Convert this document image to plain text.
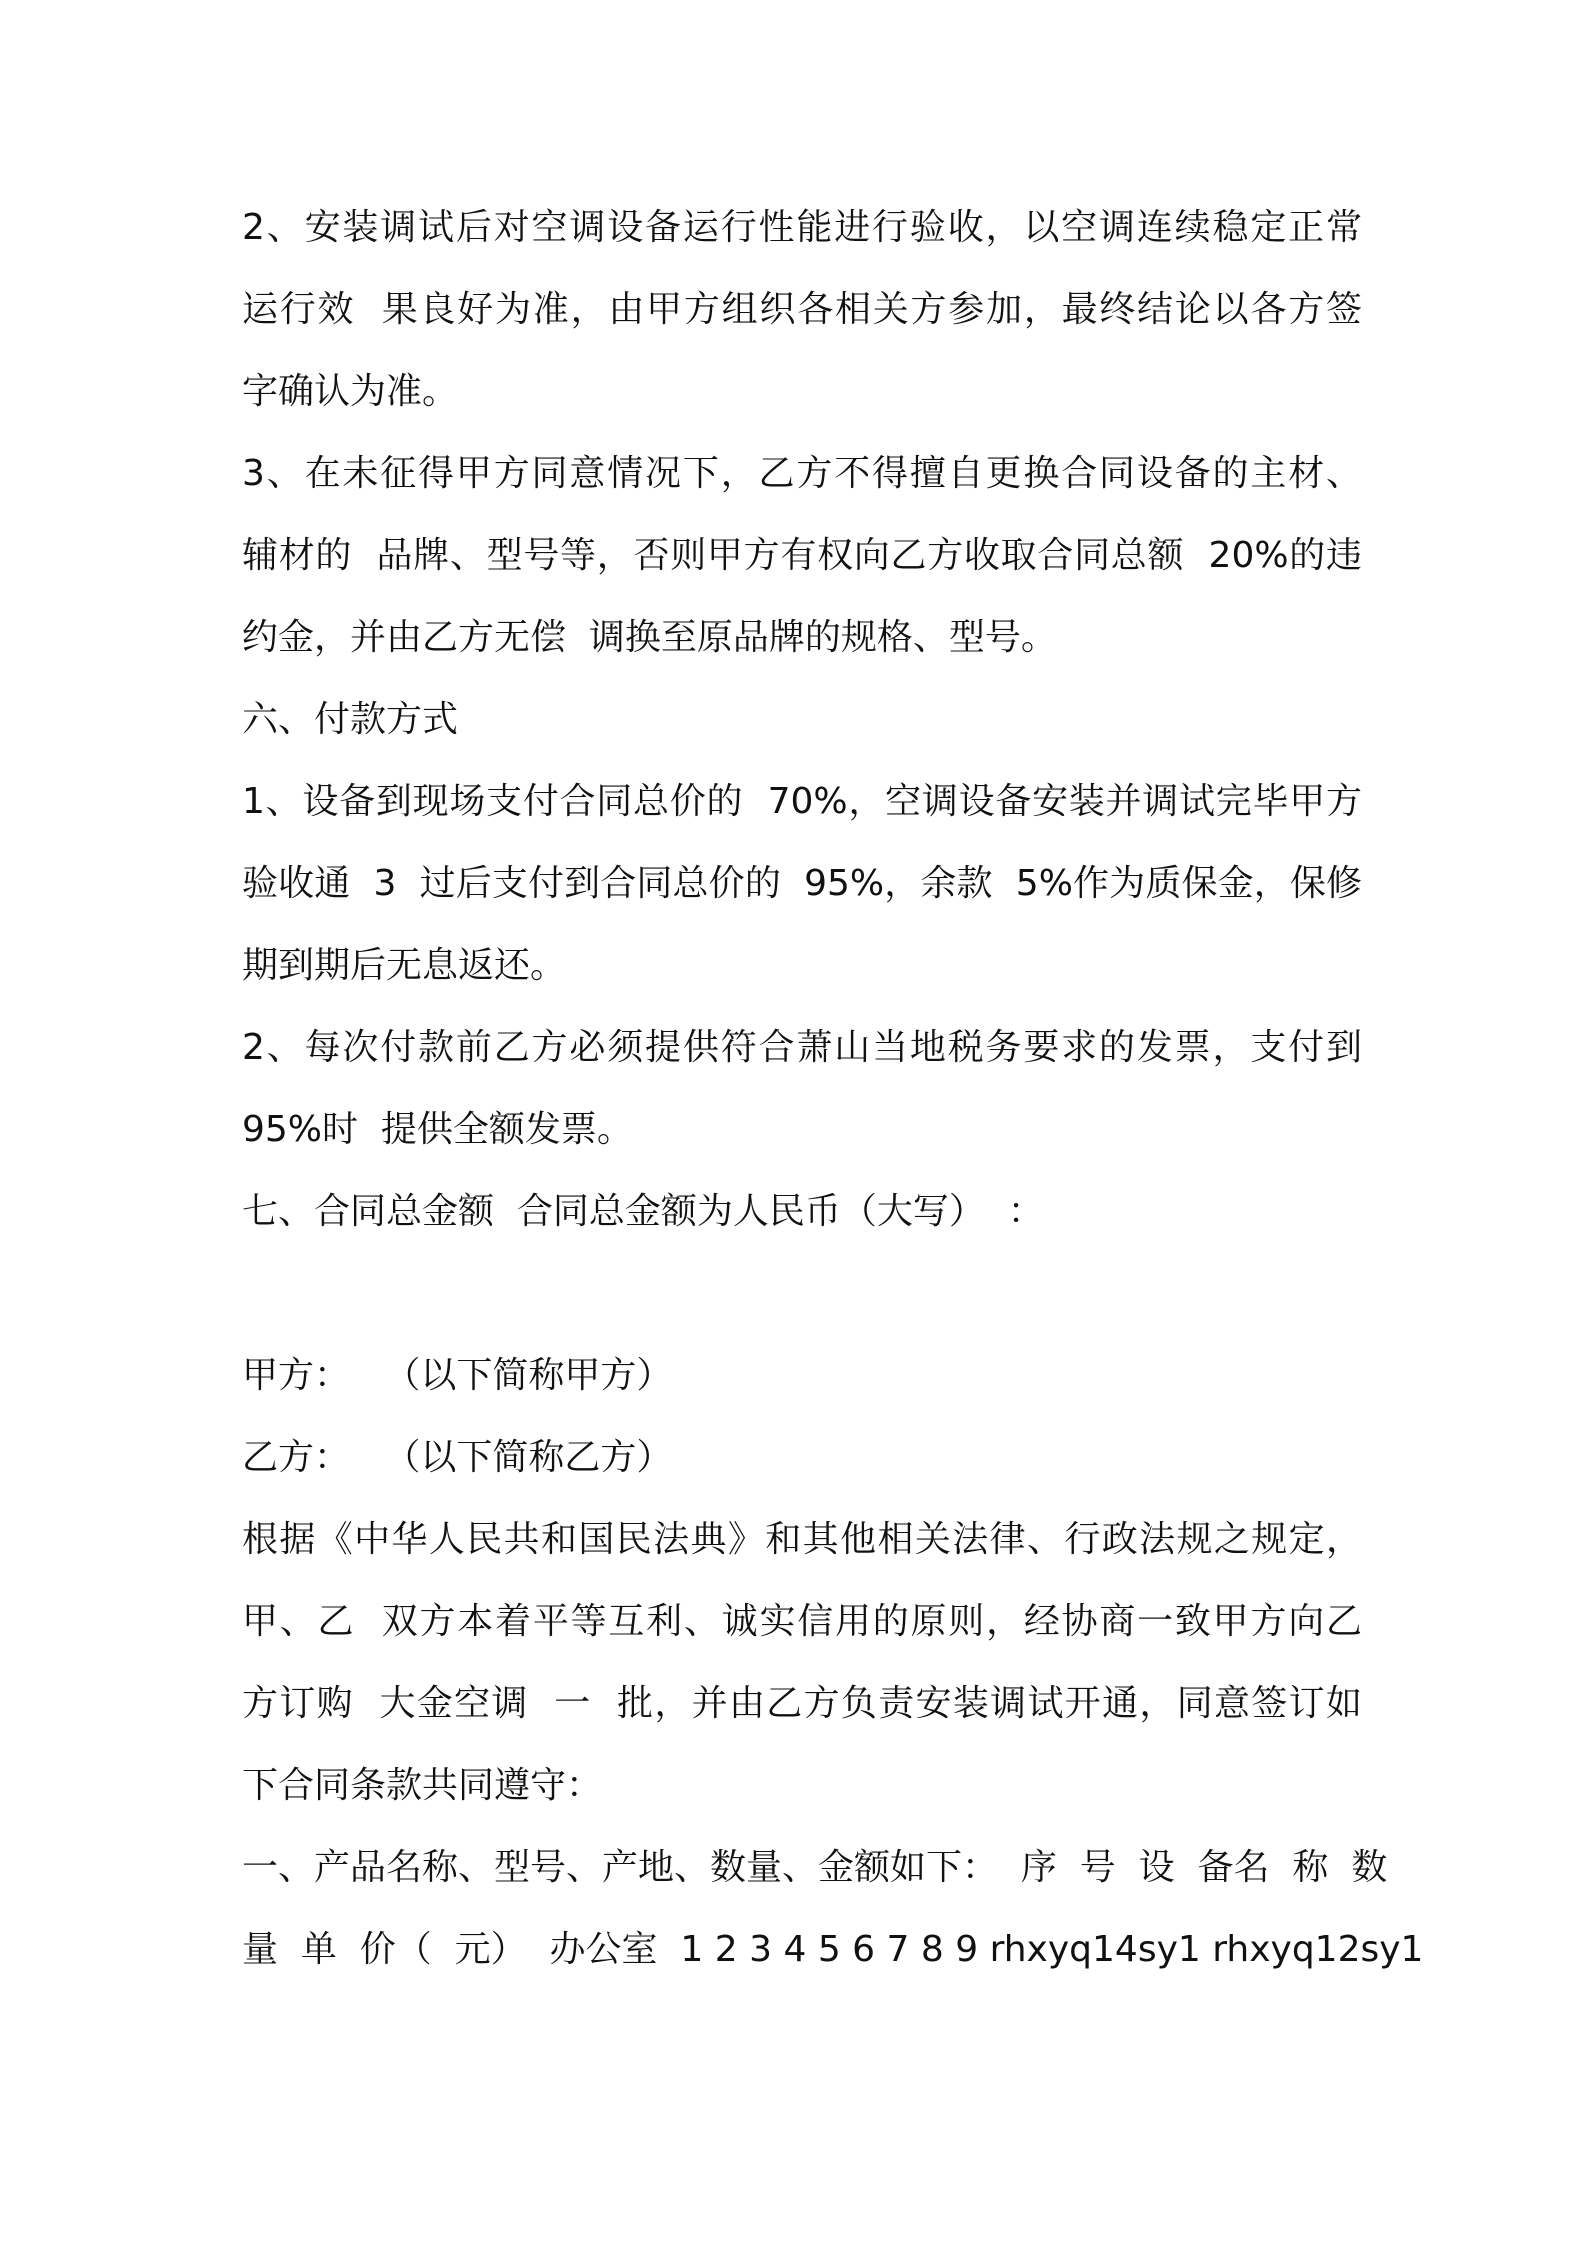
2、安装调试后对空调设备运行性能进行验收，以空调连续稳定正常
运行效  果良好为准，由甲方组织各相关方参加，最终结论以各方签
字确认为准。
3、在未征得甲方同意情况下，乙方不得擅自更换合同设备的主材、
辅材的  品牌、型号等，否则甲方有权向乙方收取合同总额  20%的违
约金，并由乙方无偿  调换至原品牌的规格、型号。
六、付款方式
1、设备到现场支付合同总价的  70%，空调设备安装并调试完毕甲方
验收通  3  过后支付到合同总价的  95%，余款  5%作为质保金，保修
期到期后无息返还。
2、每次付款前乙方必须提供符合萧山当地税务要求的发票，支付到
95%时  提供全额发票。
七、合同总金额  合同总金额为人民币（大写）  ：
甲方：   （以下简称甲方）
乙方：   （以下简称乙方）
根据《中华人民共和国民法典》和其他相关法律、行政法规之规定，
甲、乙  双方本着平等互利、诚实信用的原则，经协商一致甲方向乙
方订购  大金空调  一  批，并由乙方负责安装调试开通，同意签订如
下合同条款共同遵守：
一、产品名称、型号、产地、数量、金额如下：  序  号  设  备名  称  数
量  单  价（  元）  办公室  1 2 3 4 5 6 7 8 9 rhxyq14sy1 rhxyq12sy1
